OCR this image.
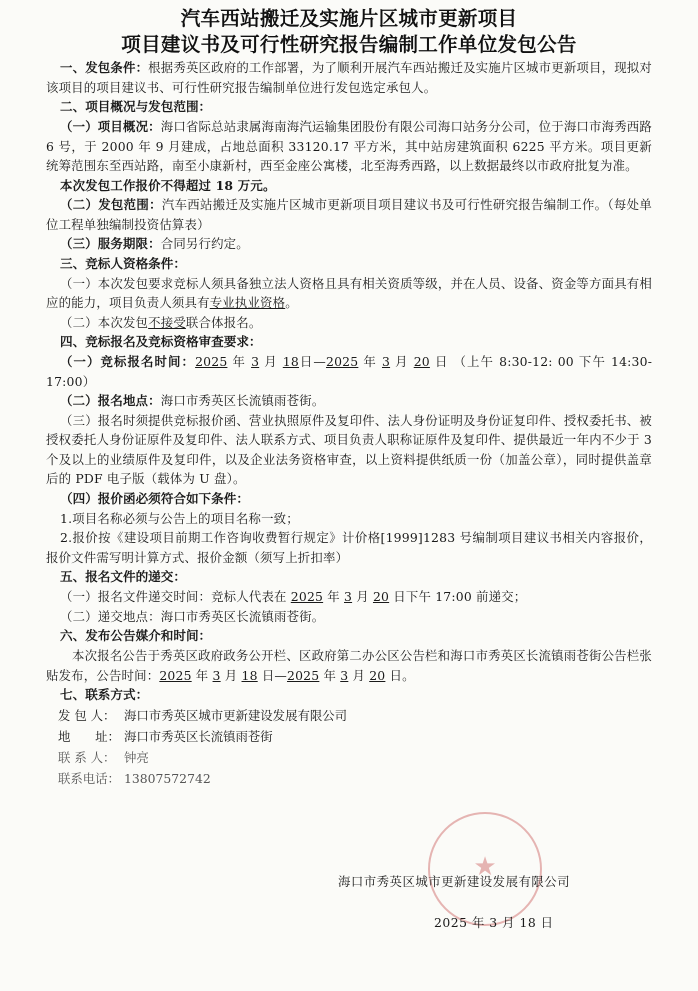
汽车西站搬迁及实施片区城市更新项目
项目建议书及可行性研究报告编制工作单位发包公告

一、发包条件：根据秀英区政府的工作部署，为了顺利开展汽车西站搬迁及实施片区城市更新项目，现拟对该项目的项目建议书、可行性研究报告编制单位进行发包选定承包人。

二、项目概况与发包范围：

（一）项目概况：海口省际总站隶属海南海汽运输集团股份有限公司海口站务分公司，位于海口市海秀西路 6 号，于 2000 年 9 月建成，占地总面积 33120.17 平方米，其中站房建筑面积 6225 平方米。项目更新统筹范围东至西站路，南至小康新村，西至金座公寓楼，北至海秀西路，以上数据最终以市政府批复为准。

本次发包工作报价不得超过 18 万元。

（二）发包范围：汽车西站搬迁及实施片区城市更新项目项目建议书及可行性研究报告编制工作。（每处单位工程单独编制投资估算表）

（三）服务期限：合同另行约定。

三、竞标人资格条件：

（一）本次发包要求竞标人须具备独立法人资格且具有相关资质等级，并在人员、设备、资金等方面具有相应的能力，项目负责人须具有专业执业资格。

（二）本次发包不接受联合体报名。

四、竞标报名及竞标资格审查要求：

（一）竞标报名时间：2025 年 3 月 18日—2025 年 3 月 20 日 （上午 8:30-12: 00 下午 14:30-17:00）

（二）报名地点：海口市秀英区长流镇雨苍街。

（三）报名时须提供竞标报价函、营业执照原件及复印件、法人身份证明及身份证复印件、授权委托书、被授权委托人身份证原件及复印件、法人联系方式、项目负责人职称证原件及复印件、提供最近一年内不少于 3 个及以上的业绩原件及复印件，以及企业法务资格审查，以上资料提供纸质一份（加盖公章），同时提供盖章后的 PDF 电子版（载体为 U 盘）。

（四）报价函必须符合如下条件：

1.项目名称必须与公告上的项目名称一致；

2.报价按《建设项目前期工作咨询收费暂行规定》计价格[1999]1283 号编制项目建议书相关内容报价，报价文件需写明计算方式、报价金额（须写上折扣率）

五、报名文件的递交：

（一）报名文件递交时间：竞标人代表在 2025 年 3 月 20 日下午 17:00 前递交；

（二）递交地点：海口市秀英区长流镇雨苍街。

六、发布公告媒介和时间：

本次报名公告于秀英区政府政务公开栏、区政府第二办公区公告栏和海口市秀英区长流镇雨苍街公告栏张贴发布，公告时间：2025 年 3 月 18 日—2025 年 3 月 20 日。

七、联系方式：

发 包 人： 海口市秀英区城市更新建设发展有限公司
地　　址： 海口市秀英区长流镇雨苍街
联 系 人： 钟亮
联系电话： 13807572742
★
海口市秀英区城市更新建设发展有限公司
2025 年 3 月 18 日
